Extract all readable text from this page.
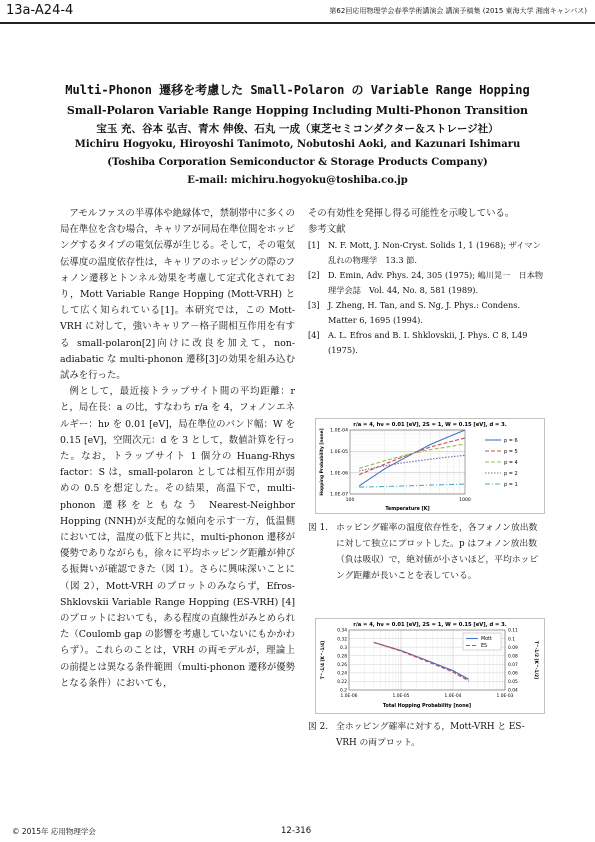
13a-A24-4	第62回応用物理学会春季学術講演会 講演予稿集 (2015 東海大学 湘南キャンパス)
Multi-Phonon 遷移を考慮した Small-Polaron の Variable Range Hopping
Small-Polaron Variable Range Hopping Including Multi-Phonon Transition
宝玉 充、谷本 弘吉、青木 伸俊、石丸 一成（東芝セミコンダクター＆ストレージ社）
Michiru Hogyoku, Hiroyoshi Tanimoto, Nobutoshi Aoki, and Kazunari Ishimaru
(Toshiba Corporation Semiconductor & Storage Products Company)
E-mail: michiru.hogyoku@toshiba.co.jp

アモルファスの半導体や絶縁体で，禁制帯中に多くの局在準位を含む場合，キャリアが同局在準位間をホッピングするタイプの電気伝導が生じる。そして，その電気伝導度の温度依存性は，キャリアのホッピングの際のフォノン遷移とトンネル効果を考慮して定式化されており，Mott Variable Range Hopping (Mott-VRH) として広く知られている[1]。本研究では，この Mott-VRH に対して，強いキャリア－格子間相互作用を有する small-polaron[2]向けに改良を加えて，non-adiabatic な multi-phonon 遷移[3]の効果を組み込む試みを行った。

例として，最近接トラップサイト間の平均距離：r と，局在長：a の比，すなわち r/a を 4，フォノンエネルギー：hν を 0.01 [eV]，局在準位のバンド幅：W を 0.15 [eV]，空間次元：d を 3 として，数値計算を行った。なお，トラップサイト 1 個分の Huang-Rhys factor：S は，small-polaron としては相互作用が弱めの 0.5 を想定した。その結果，高温下で，multi-phonon 遷移をともなう Nearest-Neighbor Hopping (NNH)が支配的な傾向を示す一方，低温側においては，温度の低下と共に，multi-phonon 遷移が優勢でありながらも，徐々に平均ホッピング距離が伸びる振舞いが確認できた（図 1）。さらに興味深いことに（図 2），Mott-VRH のプロットのみならず，Efros-Shklovskii Variable Range Hopping (ES-VRH) [4]のプロットにおいても，ある程度の直線性がみとめられた（Coulomb gap の影響を考慮していないにもかかわらず）。これらのことは，VRH の両モデルが，理論上の前提とは異なる条件範囲（multi-phonon 遷移が優勢となる条件）においても，

その有効性を発揮し得る可能性を示唆している。

参考文献

[1]	N. F. Mott, J. Non-Cryst. Solids 1, 1 (1968); ザイマン 乱れの物理学　13.3 節.
[2]	D. Emin, Adv. Phys. 24, 305 (1975); 嶋川晃一　日本物理学会誌　Vol. 44, No. 8, 581 (1989).
[3]	J. Zheng, H. Tan, and S. Ng, J. Phys.: Condens. Matter 6, 1695 (1994).
[4]	A. L. Efros and B. I. Shklovskii, J. Phys. C 8, L49 (1975).
r/a = 4, hν = 0.01 [eV], 2S = 1, W = 0.15 [eV], d = 3.
1.0E-04
1.0E-05
1.0E-06
1.0E-07
100	1000
Temperature [K]
Hopping Probability [none]	p = 6
p = 5
p = 4
p = 2
p = 1
図 1. ホッピング確率の温度依存性を，各フォノン放出数に対して独立にプロットした。p はフォノン放出数（負は吸収）で，絶対値が小さいほど，平均ホッピング距離が長いことを表している。
r/a = 4, hν = 0.01 [eV], 2S = 1, W = 0.15 [eV], d = 3.
1.0E-06	1.0E-05	1.0E-04	1.0E-03
0.34
0.32
0.3
0.28
0.26
0.24
0.22
0.2
0.11
0.1
0.09
0.08
0.07
0.06
0.05
0.04
Total Hopping Probability [none]
T^-1/4 [K^-1/4]	T^-1/2 [K^-1/2]
Mott
ES
図 2. 全ホッピング確率に対する，Mott-VRH と ES-VRH の両プロット。
© 2015年 応用物理学会	12-316
